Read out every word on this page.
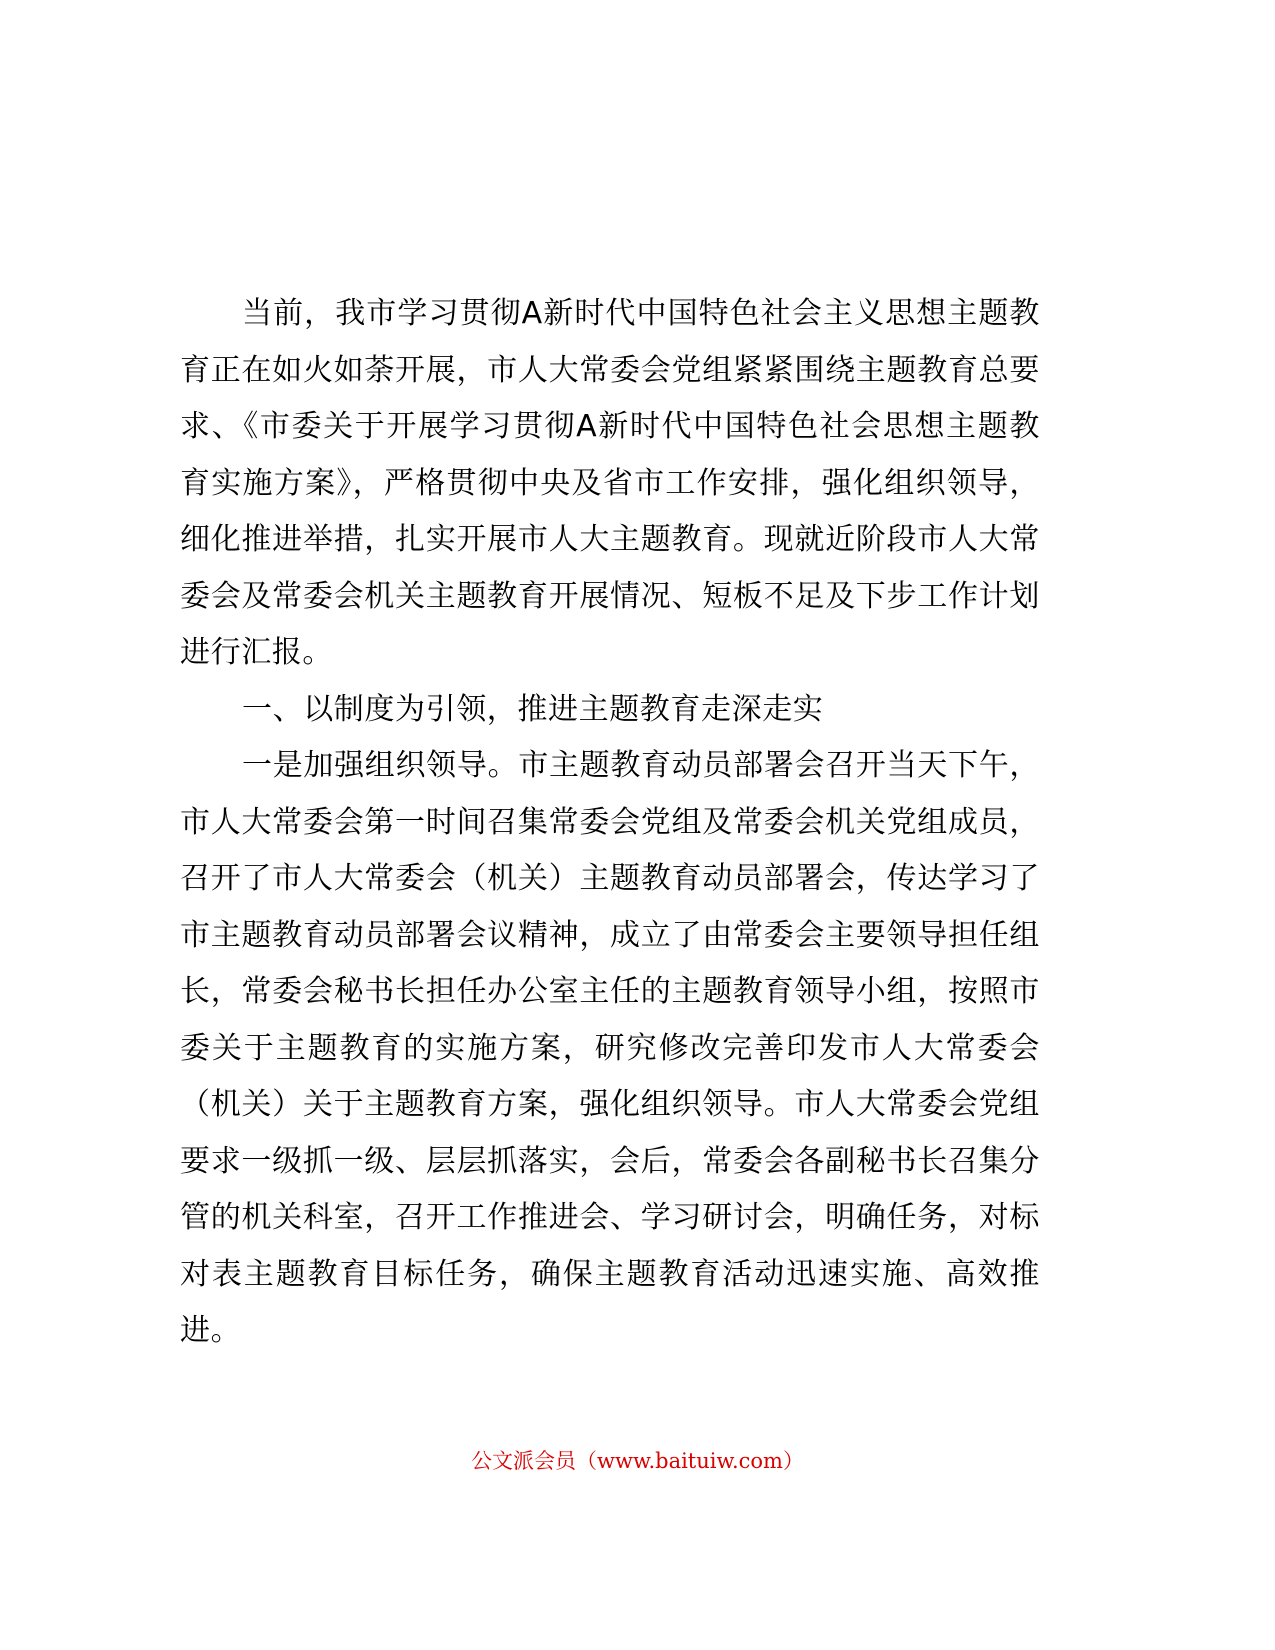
当前，我市学习贯彻A新时代中国特色社会主义思想主题教育正在如火如荼开展，市人大常委会党组紧紧围绕主题教育总要求、《市委关于开展学习贯彻A新时代中国特色社会思想主题教育实施方案》，严格贯彻中央及省市工作安排，强化组织领导，细化推进举措，扎实开展市人大主题教育。现就近阶段市人大常委会及常委会机关主题教育开展情况、短板不足及下步工作计划进行汇报。

一、以制度为引领，推进主题教育走深走实

一是加强组织领导。市主题教育动员部署会召开当天下午，市人大常委会第一时间召集常委会党组及常委会机关党组成员，召开了市人大常委会（机关）主题教育动员部署会，传达学习了市主题教育动员部署会议精神，成立了由常委会主要领导担任组长，常委会秘书长担任办公室主任的主题教育领导小组，按照市委关于主题教育的实施方案，研究修改完善印发市人大常委会（机关）关于主题教育方案，强化组织领导。市人大常委会党组要求一级抓一级、层层抓落实，会后，常委会各副秘书长召集分管的机关科室，召开工作推进会、学习研讨会，明确任务，对标对表主题教育目标任务，确保主题教育活动迅速实施、高效推进。

公文派会员（www.baituiw.com）
